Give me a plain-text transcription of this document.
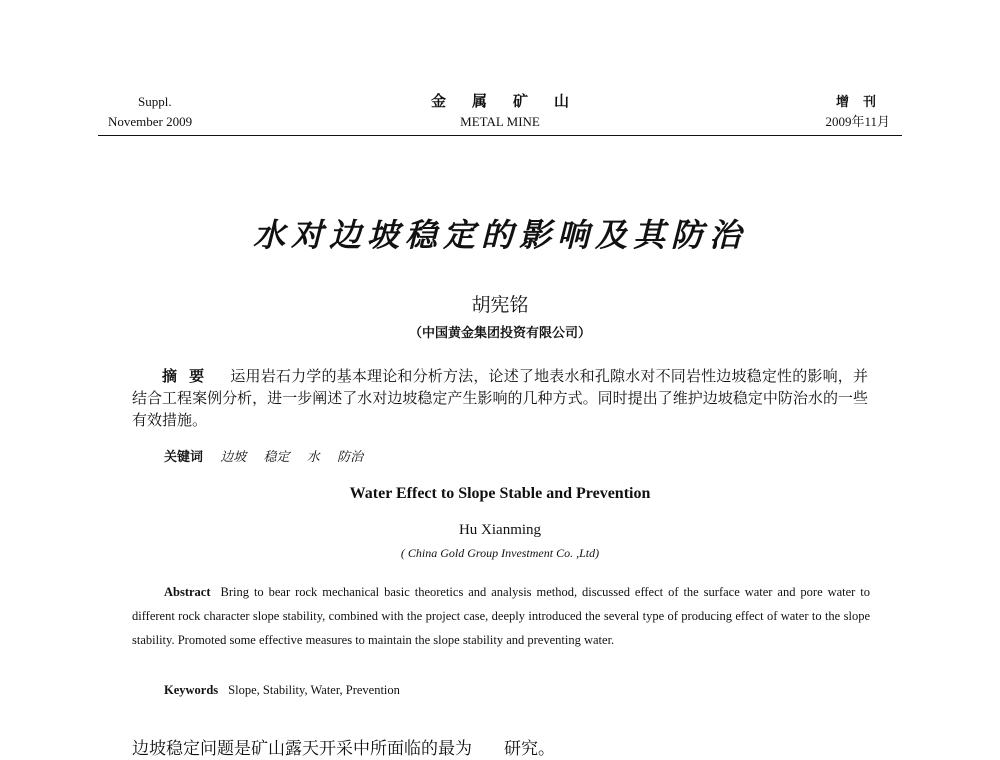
Suppl.
November 2009
金属矿山
METAL MINE
增刊
2009年11月
水对边坡稳定的影响及其防治
胡宪铭
（中国黄金集团投资有限公司）
摘要 运用岩石力学的基本理论和分析方法，论述了地表水和孔隙水对不同岩性边坡稳定性的影响，并结合工程案例分析，进一步阐述了水对边坡稳定产生影响的几种方式。同时提出了维护边坡稳定中防治水的一些有效措施。
关键词 边坡 稳定 水 防治
Water Effect to Slope Stable and Prevention
Hu Xianming
( China Gold Group Investment Co. ,Ltd)
Abstract Bring to bear rock mechanical basic theoretics and analysis method, discussed effect of the surface water and pore water to different rock character slope stability, combined with the project case, deeply introduced the several type of producing effect of water to the slope stability. Promoted some effective measures to maintain the slope stability and preventing water.
Keywords Slope, Stability, Water, Prevention
边坡稳定问题是矿山露天开采中所面临的最为 研究。
